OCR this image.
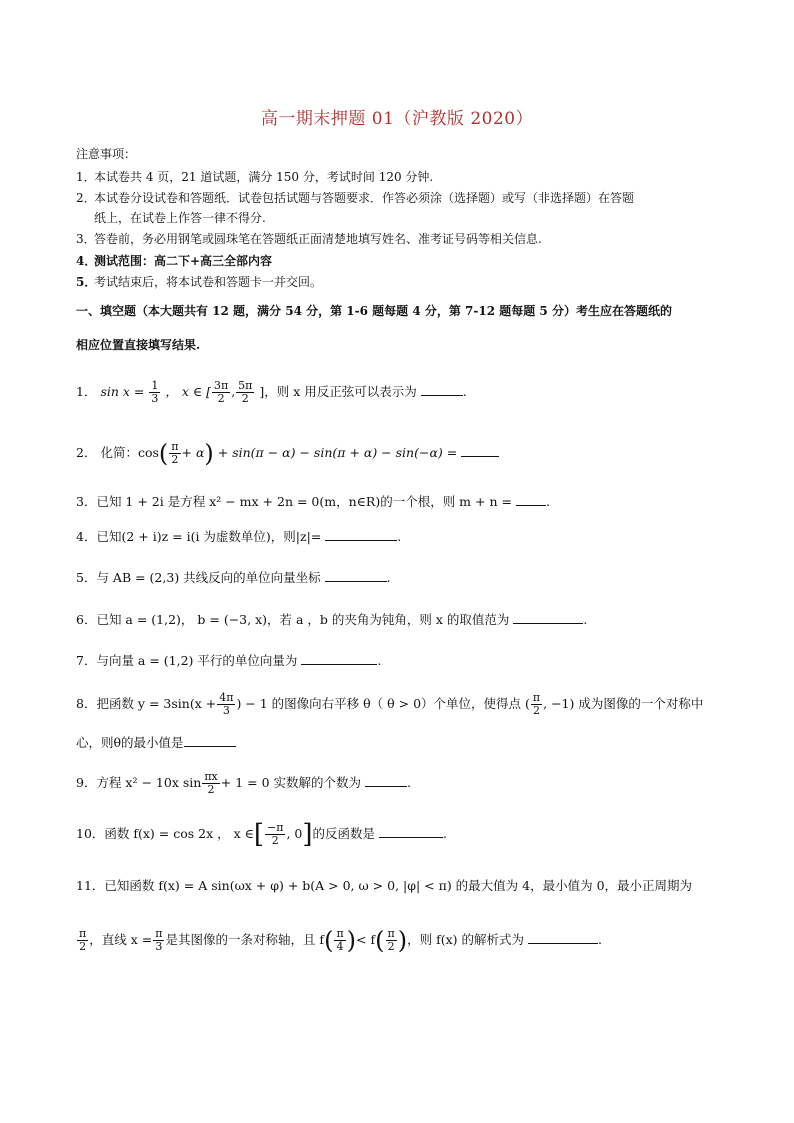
高一期末押题 01（沪教版 2020）
注意事项：
1．本试卷共 4 页，21 道试题，满分 150 分，考试时间 120 分钟.
2．本试卷分设试卷和答题纸．试卷包括试题与答题要求．作答必须涂（选择题）或写（非选择题）在答题
纸上，在试卷上作答一律不得分.
3．答卷前，务必用钢笔或圆珠笔在答题纸正面清楚地填写姓名、准考证号码等相关信息.
4．测试范围：高二下+高三全部内容
5．考试结束后，将本试卷和答题卡一并交回。
一、填空题（本大题共有 12 题，满分 54 分，第 1-6 题每题 4 分，第 7-12 题每题 5 分）考生应在答题纸的
相应位置直接填写结果.
1． $\sin x = \frac{1}{3}$ ， x ∈ [ $\frac{3\pi}{2}$ , $\frac{5\pi}{2}$ ]，则 x 用反正弦可以表示为	.
2． 化简：$\cos( \frac{\pi}{2} + \alpha) + \sin(\pi - \alpha) - \sin(\pi + \alpha) - \sin(-\alpha)$ =
3．已知 1 + 2i 是方程 x² − mx + 2n = 0(m，n∈R)的一个根，则 m + n =	.
4．已知(2 + i)z = i(i 为虚数单位)，则|z|=	.
5．与 AB = (2,3) 共线反向的单位向量坐标	.
6．已知 a = (1,2)， b = (−3, x)，若 a ，b 的夹角为钝角，则 x 的取值范为	.
7．与向量 a = (1,2) 平行的单位向量为	.
8．把函数 $y = 3\sin(x + \frac{4\pi}{3}$ ) − 1 的图像向右平移 θ（ θ > 0）个单位，使得点 ( $\frac{\pi}{2}$ , −1) 成为图像的一个对称中
心，则θ的最小值是
9．方程 x² − 10x $\sin \frac{\pi x}{2} + 1 = 0$ 实数解的个数为	.
10．函数 f(x) = cos 2x ， x ∈[ $\frac{-\pi}{2}$ , 0]的反函数是	.
11．已知函数 f(x) = A sin(ωx + φ) + b(A > 0, ω > 0, |φ| < π) 的最大值为 4，最小值为 0，最小正周期为
$\frac{\pi}{2}$ ，直线 $x = \frac{\pi}{3}$ 是其图像的一条对称轴，且 $f( \frac{\pi}{4}$ )< $f( \frac{\pi}{2}$ )，则 f(x) 的解析式为	.
